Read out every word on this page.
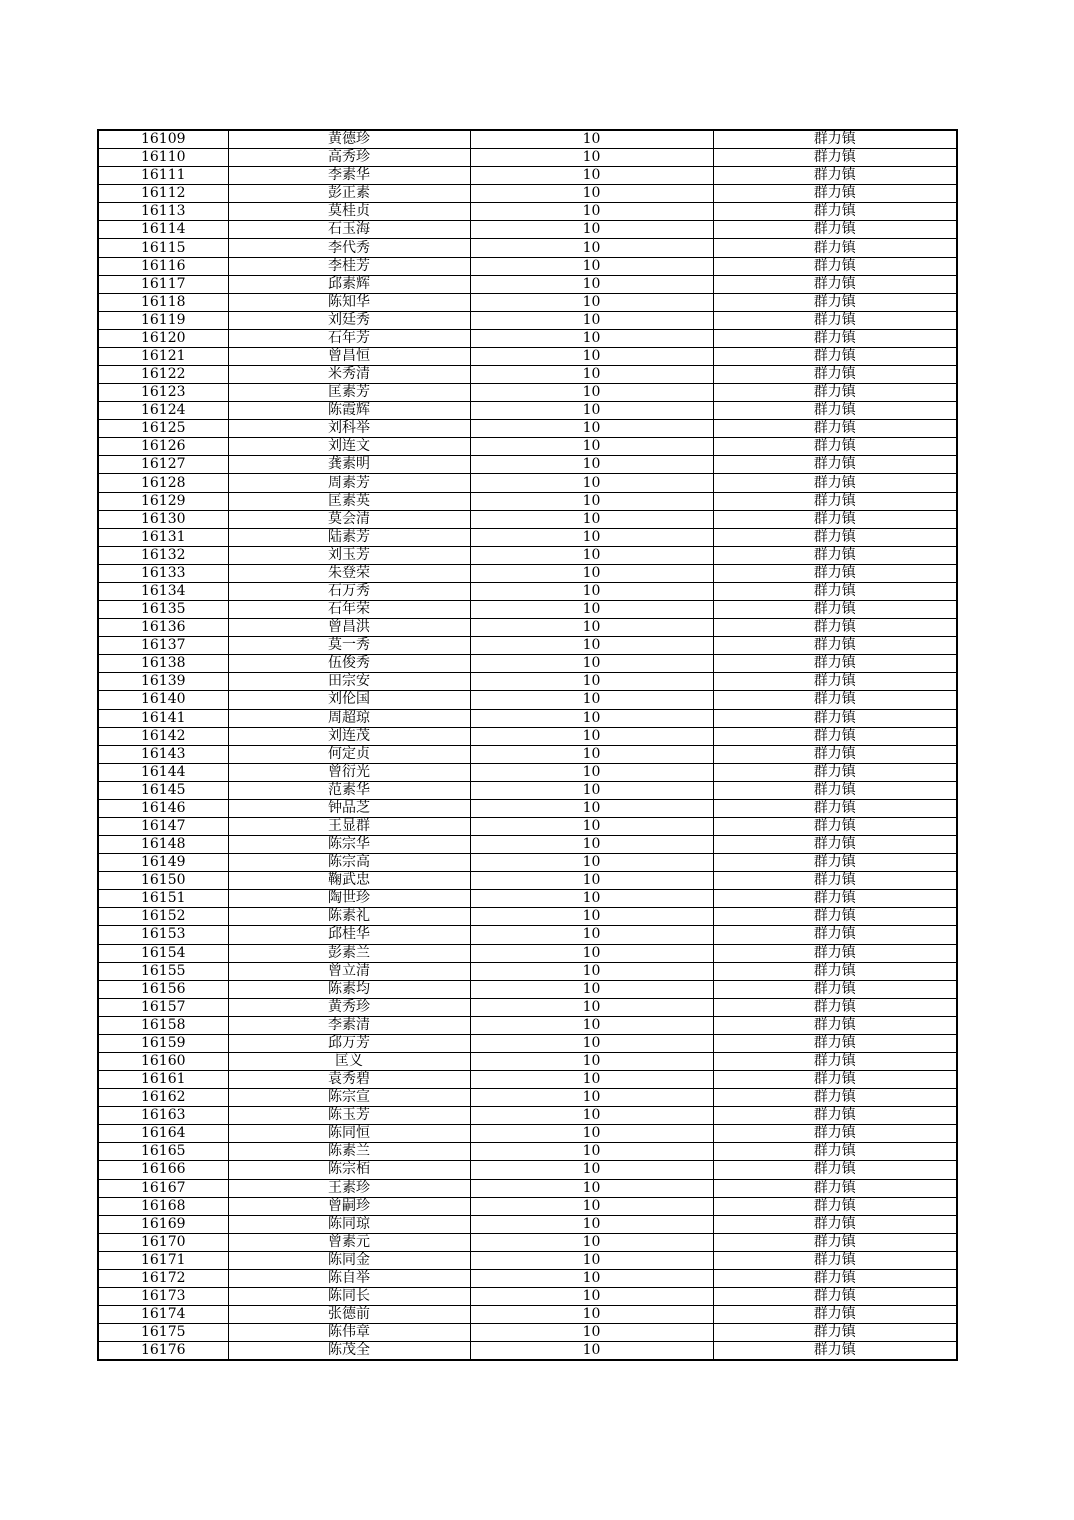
16109	黄德珍	10	群力镇
16110	高秀珍	10	群力镇
16111	李素华	10	群力镇
16112	彭正素	10	群力镇
16113	莫桂贞	10	群力镇
16114	石玉海	10	群力镇
16115	李代秀	10	群力镇
16116	李桂芳	10	群力镇
16117	邱素辉	10	群力镇
16118	陈知华	10	群力镇
16119	刘廷秀	10	群力镇
16120	石年芳	10	群力镇
16121	曾昌恒	10	群力镇
16122	米秀清	10	群力镇
16123	匡素芳	10	群力镇
16124	陈霞辉	10	群力镇
16125	刘科举	10	群力镇
16126	刘连文	10	群力镇
16127	龚素明	10	群力镇
16128	周素芳	10	群力镇
16129	匡素英	10	群力镇
16130	莫会清	10	群力镇
16131	陆素芳	10	群力镇
16132	刘玉芳	10	群力镇
16133	朱登荣	10	群力镇
16134	石万秀	10	群力镇
16135	石年荣	10	群力镇
16136	曾昌洪	10	群力镇
16137	莫一秀	10	群力镇
16138	伍俊秀	10	群力镇
16139	田宗安	10	群力镇
16140	刘伦国	10	群力镇
16141	周超琼	10	群力镇
16142	刘连茂	10	群力镇
16143	何定贞	10	群力镇
16144	曾衍光	10	群力镇
16145	范素华	10	群力镇
16146	钟品芝	10	群力镇
16147	王显群	10	群力镇
16148	陈宗华	10	群力镇
16149	陈宗高	10	群力镇
16150	鞠武忠	10	群力镇
16151	陶世珍	10	群力镇
16152	陈素礼	10	群力镇
16153	邱桂华	10	群力镇
16154	彭素兰	10	群力镇
16155	曾立清	10	群力镇
16156	陈素均	10	群力镇
16157	黄秀珍	10	群力镇
16158	李素清	10	群力镇
16159	邱万芳	10	群力镇
16160	匡义	10	群力镇
16161	袁秀碧	10	群力镇
16162	陈宗宣	10	群力镇
16163	陈玉芳	10	群力镇
16164	陈同恒	10	群力镇
16165	陈素兰	10	群力镇
16166	陈宗栢	10	群力镇
16167	王素珍	10	群力镇
16168	曾嗣珍	10	群力镇
16169	陈同琼	10	群力镇
16170	曾素元	10	群力镇
16171	陈同金	10	群力镇
16172	陈自举	10	群力镇
16173	陈同长	10	群力镇
16174	张德前	10	群力镇
16175	陈伟章	10	群力镇
16176	陈茂全	10	群力镇
